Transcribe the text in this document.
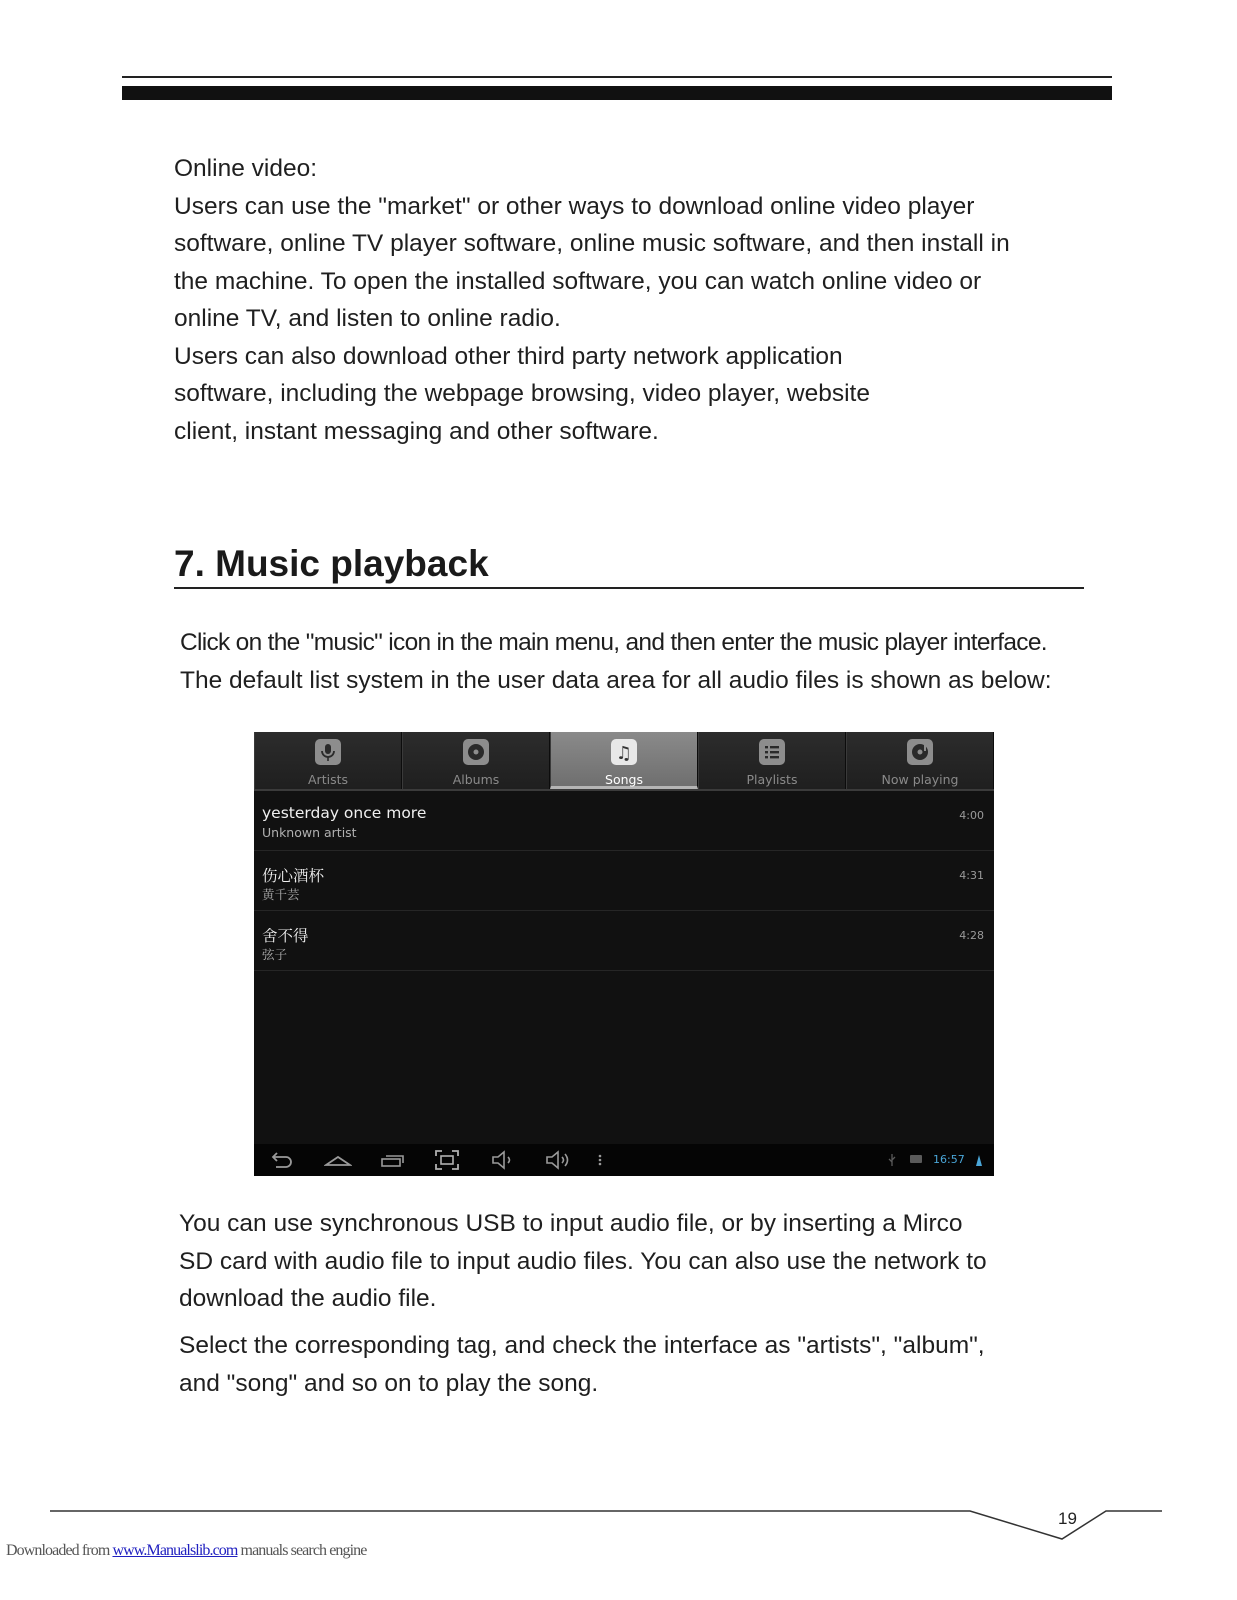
Online video:
Users can use the "market" or other ways to download online video player
software, online TV player software, online music software, and then install in
the machine. To open the installed software, you can watch online video or
online TV, and listen to online radio.
Users can also download other third party network application
software, including the webpage browsing, video player, website
client, instant messaging and other software.

7. Music playback

Click on the "music" icon in the main menu, and then enter the music player interface.
The default list system in the user data area for all audio files is shown as below:

Artists	Albums
♫
Songs	Playlists	Now playing
yesterday once more
Unknown artist
4:00
伤心酒杯
黄千芸
4:31
舍不得
弦子
4:28
16:57

You can use synchronous USB to input audio file, or by inserting a Mirco
SD card with audio file to input audio files. You can also use the network to
download the audio file.

Select the corresponding tag, and check the interface as "artists", "album",
and "song" and so on to play the song.

19
Downloaded from www.Manualslib.com manuals search engine
